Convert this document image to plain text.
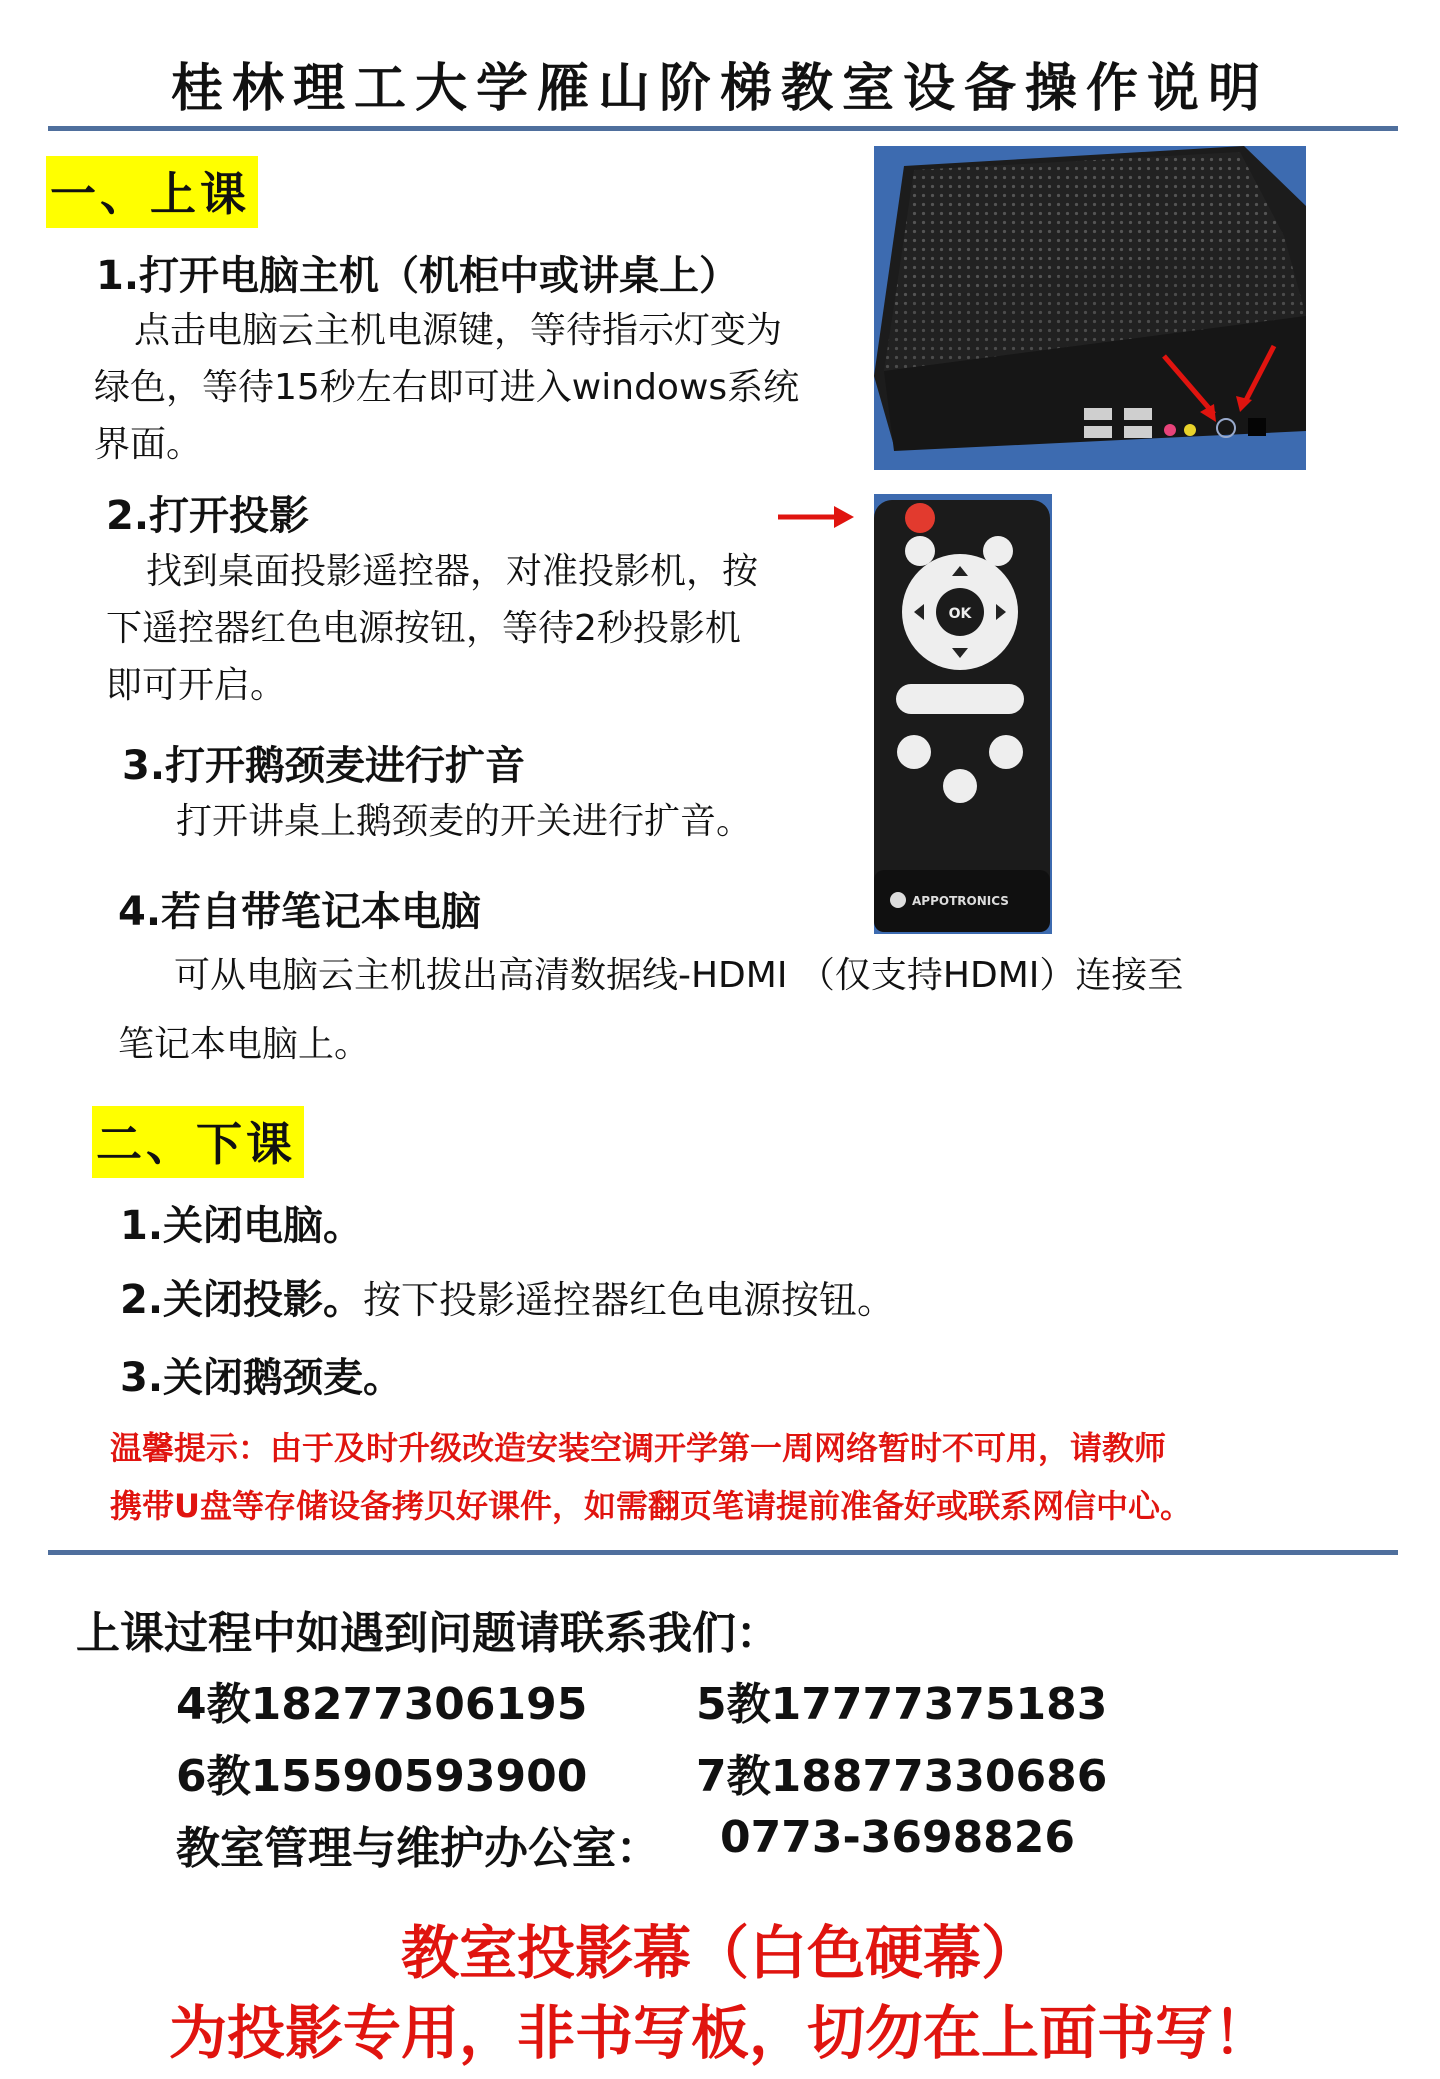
桂林理工大学雁山阶梯教室设备操作说明
一、上课
1.打开电脑主机（机柜中或讲桌上）
点击电脑云主机电源键，等待指示灯变为
绿色，等待15秒左右即可进入windows系统
界面。
2.打开投影
找到桌面投影遥控器，对准投影机，按
下遥控器红色电源按钮，等待2秒投影机
即可开启。
3.打开鹅颈麦进行扩音
打开讲桌上鹅颈麦的开关进行扩音。
4.若自带笔记本电脑
可从电脑云主机拔出高清数据线-HDMI （仅支持HDMI）连接至
笔记本电脑上。
二、下课
1.关闭电脑。
2.关闭投影。按下投影遥控器红色电源按钮。
3.关闭鹅颈麦。
温馨提示：由于及时升级改造安装空调开学第一周网络暂时不可用，请教师
携带U盘等存储设备拷贝好课件，如需翻页笔请提前准备好或联系网信中心。
上课过程中如遇到问题请联系我们：
4教18277306195 5教17777375183
6教15590593900 7教18877330686
教室管理与维护办公室： 0773-3698826
教室投影幕（白色硬幕）
为投影专用，非书写板，切勿在上面书写！
OK
APPOTRONICS
